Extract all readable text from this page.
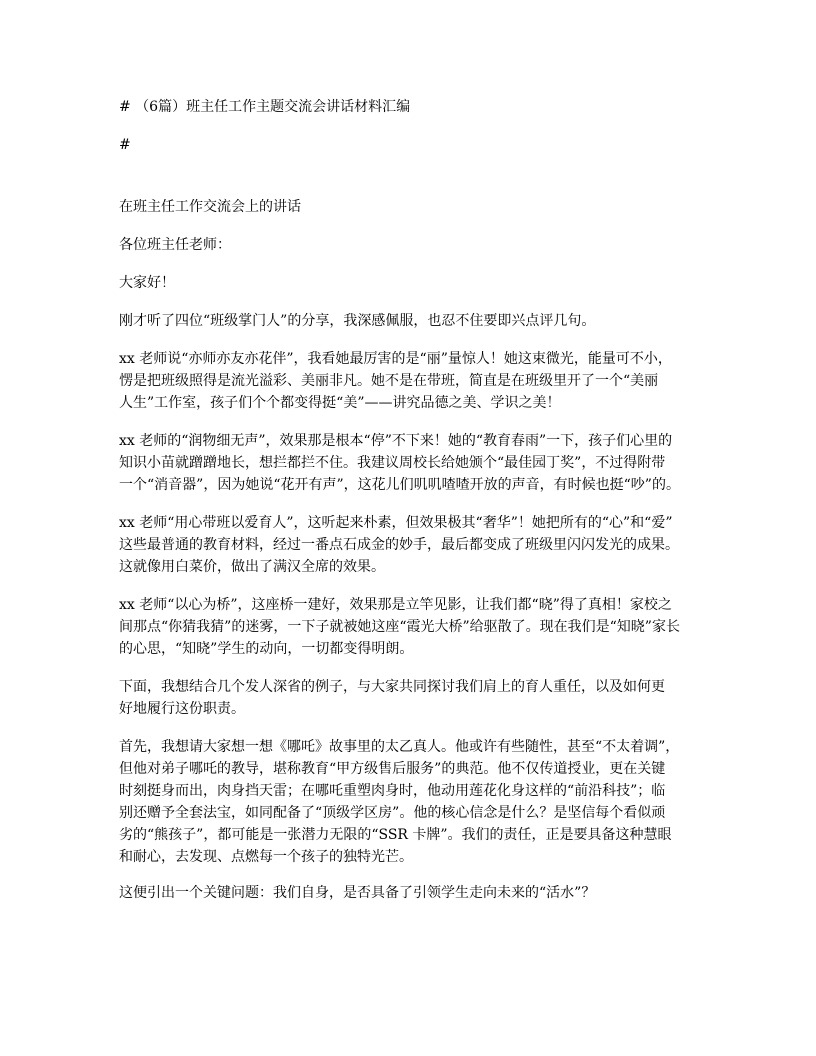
# （6篇）班主任工作主题交流会讲话材料汇编

#

在班主任工作交流会上的讲话

各位班主任老师：

大家好！

刚才听了四位“班级掌门人”的分享，我深感佩服，也忍不住要即兴点评几句。

xx 老师说“亦师亦友亦花伴”，我看她最厉害的是“丽”量惊人！她这束微光，能量可不小，

愣是把班级照得是流光溢彩、美丽非凡。她不是在带班，简直是在班级里开了一个“美丽

人生”工作室，孩子们个个都变得挺“美”——讲究品德之美、学识之美！

xx 老师的“润物细无声”，效果那是根本“停”不下来！她的“教育春雨”一下，孩子们心里的

知识小苗就蹭蹭地长，想拦都拦不住。我建议周校长给她颁个“最佳园丁奖”，不过得附带

一个“消音器”，因为她说“花开有声”，这花儿们叽叽喳喳开放的声音，有时候也挺“吵”的。

xx 老师“用心带班以爱育人”，这听起来朴素，但效果极其“奢华”！她把所有的“心”和“爱”

这些最普通的教育材料，经过一番点石成金的妙手，最后都变成了班级里闪闪发光的成果。

这就像用白菜价，做出了满汉全席的效果。

xx 老师“以心为桥”，这座桥一建好，效果那是立竿见影，让我们都“晓”得了真相！家校之

间那点“你猜我猜”的迷雾，一下子就被她这座“霞光大桥”给驱散了。现在我们是“知晓”家长

的心思，“知晓”学生的动向，一切都变得明朗。

下面，我想结合几个发人深省的例子，与大家共同探讨我们肩上的育人重任，以及如何更

好地履行这份职责。

首先，我想请大家想一想《哪吒》故事里的太乙真人。他或许有些随性，甚至“不太着调”，

但他对弟子哪吒的教导，堪称教育“甲方级售后服务”的典范。他不仅传道授业，更在关键

时刻挺身而出，肉身挡天雷；在哪吒重塑肉身时，他动用莲花化身这样的“前沿科技”；临

别还赠予全套法宝，如同配备了“顶级学区房”。他的核心信念是什么？是坚信每个看似顽

劣的“熊孩子”，都可能是一张潜力无限的“SSR 卡牌”。我们的责任，正是要具备这种慧眼

和耐心，去发现、点燃每一个孩子的独特光芒。

这便引出一个关键问题：我们自身，是否具备了引领学生走向未来的“活水”？
